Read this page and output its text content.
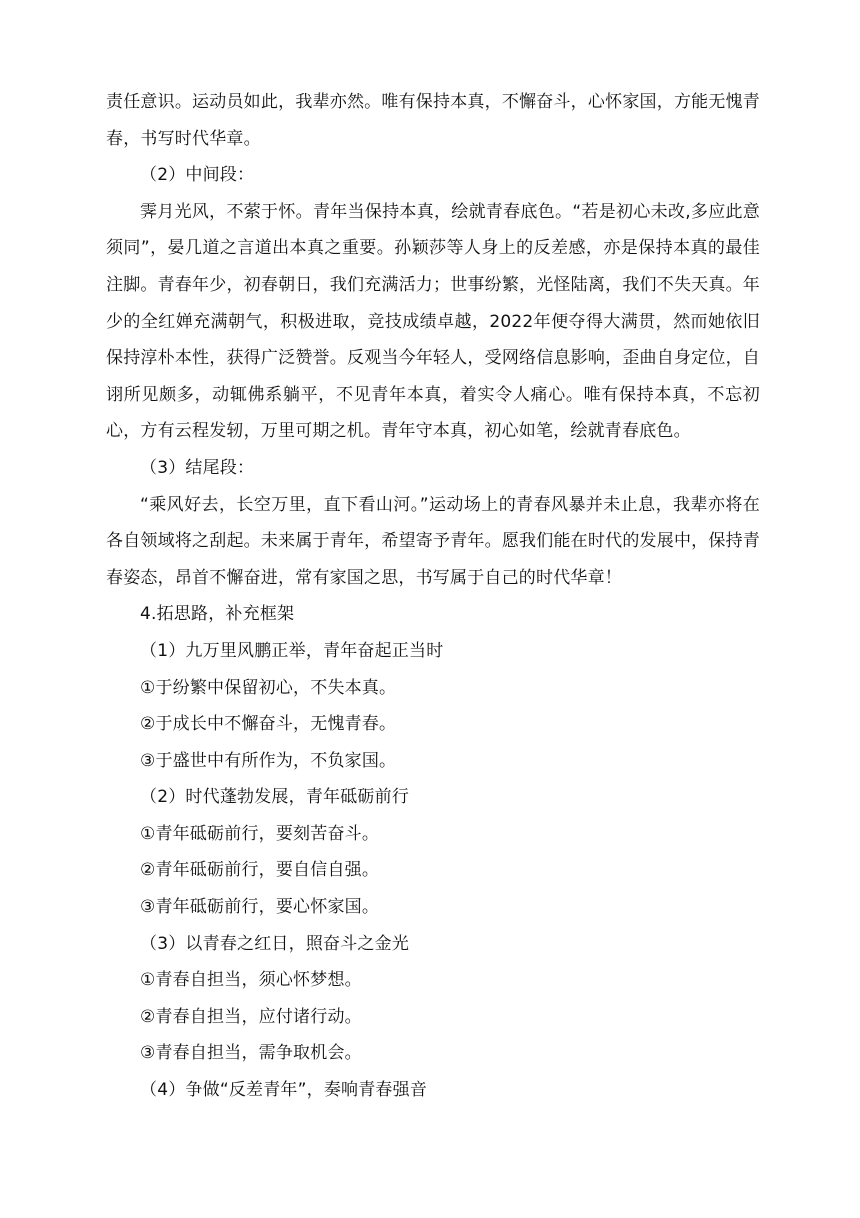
责任意识。运动员如此，我辈亦然。唯有保持本真，不懈奋斗，心怀家国，方能无愧青春，书写时代华章。

（2）中间段：

霁月光风，不萦于怀。青年当保持本真，绘就青春底色。“若是初心未改,多应此意须同”，晏几道之言道出本真之重要。孙颖莎等人身上的反差感，亦是保持本真的最佳注脚。青春年少，初春朝日，我们充满活力；世事纷繁，光怪陆离，我们不失天真。年少的全红婵充满朝气，积极进取，竞技成绩卓越，2022年便夺得大满贯，然而她依旧保持淳朴本性，获得广泛赞誉。反观当今年轻人，受网络信息影响，歪曲自身定位，自诩所见颇多，动辄佛系躺平，不见青年本真，着实令人痛心。唯有保持本真，不忘初心，方有云程发轫，万里可期之机。青年守本真，初心如笔，绘就青春底色。

（3）结尾段：

“乘风好去，长空万里，直下看山河。”运动场上的青春风暴并未止息，我辈亦将在各自领域将之刮起。未来属于青年，希望寄予青年。愿我们能在时代的发展中，保持青春姿态，昂首不懈奋进，常有家国之思，书写属于自己的时代华章！

4.拓思路，补充框架

（1）九万里风鹏正举，青年奋起正当时

①于纷繁中保留初心，不失本真。

②于成长中不懈奋斗，无愧青春。

③于盛世中有所作为，不负家国。

（2）时代蓬勃发展，青年砥砺前行

①青年砥砺前行，要刻苦奋斗。

②青年砥砺前行，要自信自强。

③青年砥砺前行，要心怀家国。

（3）以青春之红日，照奋斗之金光

①青春自担当，须心怀梦想。

②青春自担当，应付诸行动。

③青春自担当，需争取机会。

（4）争做“反差青年”，奏响青春强音
